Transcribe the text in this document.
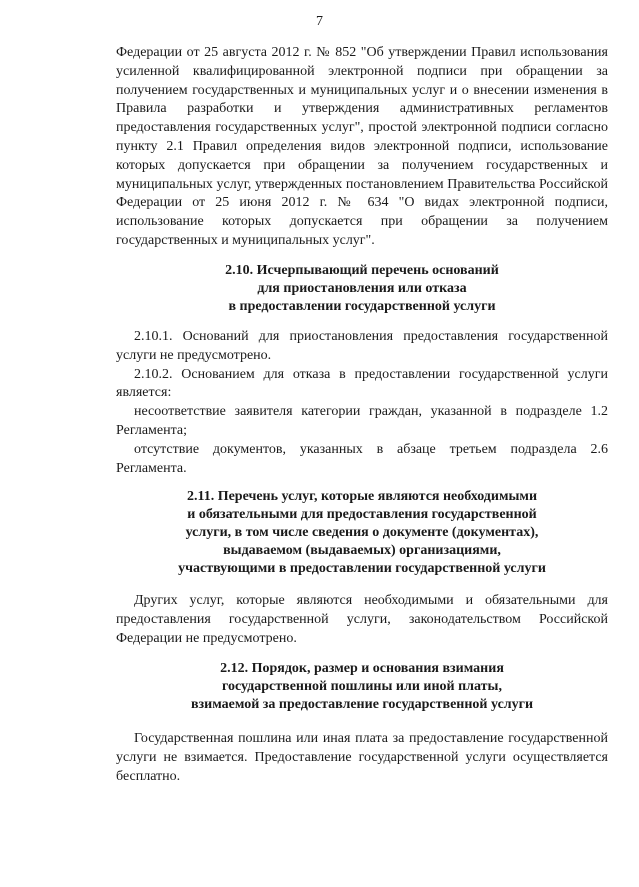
7

Федерации от 25 августа 2012 г. № 852 "Об утверждении Правил использования усиленной квалифицированной электронной подписи при обращении за получением государственных и муниципальных услуг и о внесении изменения в Правила разработки и утверждения административных регламентов предоставления государственных услуг", простой электронной подписи согласно пункту 2.1 Правил определения видов электронной подписи, использование которых допускается при обращении за получением государственных и муниципальных услуг, утвержденных постановлением Правительства Российской Федерации от 25 июня 2012 г. № 634 "О видах электронной подписи, использование которых допускается при обращении за получением государственных и муниципальных услуг".

2.10. Исчерпывающий перечень оснований
для приостановления или отказа
в предоставлении государственной услуги

2.10.1. Оснований для приостановления предоставления государственной услуги не предусмотрено.

2.10.2. Основанием для отказа в предоставлении государственной услуги является:

несоответствие заявителя категории граждан, указанной в подразделе 1.2 Регламента;

отсутствие документов, указанных в абзаце третьем подраздела 2.6 Регламента.

2.11. Перечень услуг, которые являются необходимыми
и обязательными для предоставления государственной
услуги, в том числе сведения о документе (документах),
выдаваемом (выдаваемых) организациями,
участвующими в предоставлении государственной услуги

Других услуг, которые являются необходимыми и обязательными для предоставления государственной услуги, законодательством Российской Федерации не предусмотрено.

2.12. Порядок, размер и основания взимания
государственной пошлины или иной платы,
взимаемой за предоставление государственной услуги

Государственная пошлина или иная плата за предоставление государственной услуги не взимается. Предоставление государственной услуги осуществляется бесплатно.
